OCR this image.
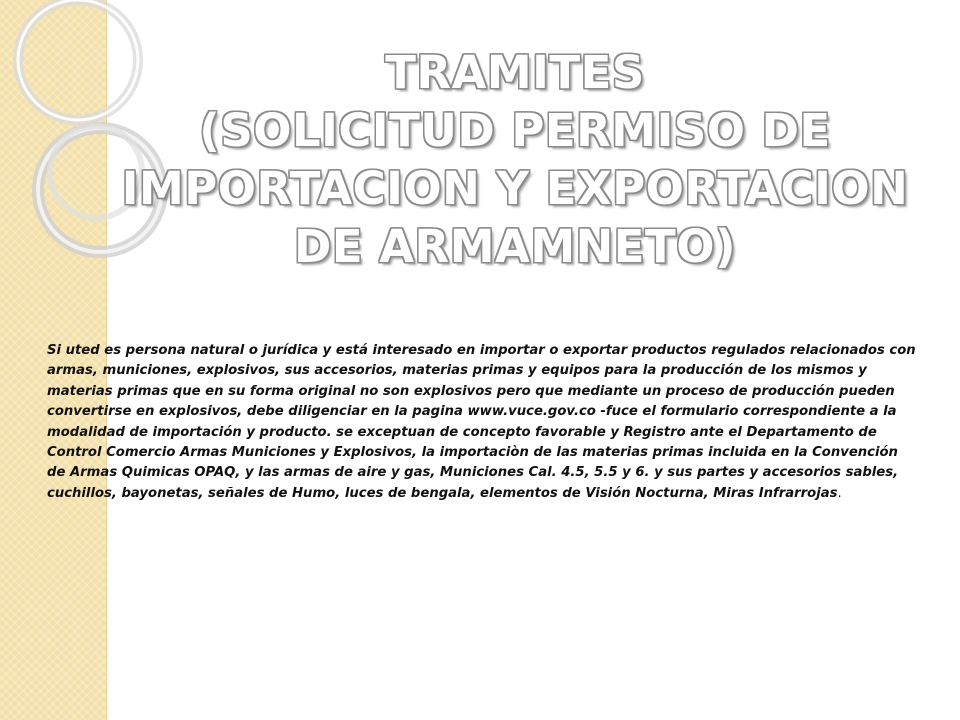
TRAMITES
(SOLICITUD PERMISO DE
IMPORTACION Y EXPORTACION
DE ARMAMNETO)

Si uted es persona natural o jurídica y está interesado en importar o exportar productos regulados relacionados con armas, municiones, explosivos, sus accesorios, materias primas y equipos para la producción de los mismos y materias primas que en su forma original no son explosivos pero que mediante un proceso de producción pueden convertirse en explosivos, debe diligenciar en la pagina www.vuce.gov.co -fuce el formulario correspondiente a la modalidad de importación y producto. se exceptuan de concepto favorable y Registro ante el Departamento de Control Comercio Armas Municiones y Explosivos, la importaciòn de las materias primas incluida en la Convención de Armas Quimicas OPAQ, y las armas de aire y gas, Municiones Cal. 4.5, 5.5 y 6. y sus partes y accesorios sables, cuchillos, bayonetas, señales de Humo, luces de bengala, elementos de Visión Nocturna, Miras Infrarrojas.
